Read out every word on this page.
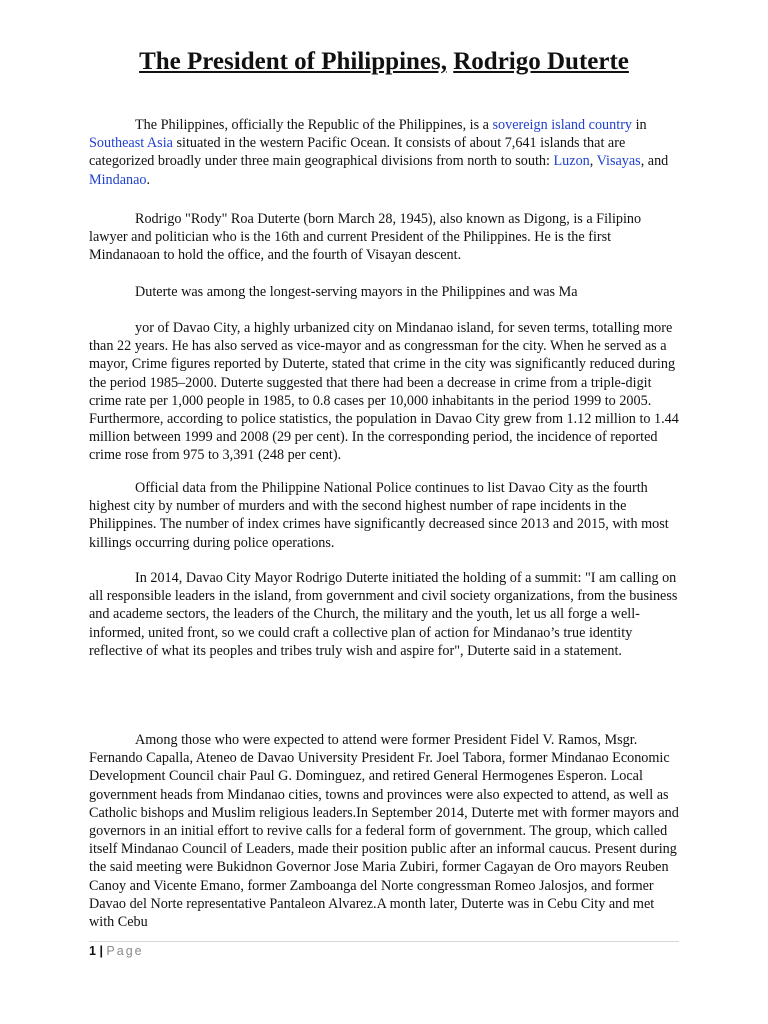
The President of Philippines, Rodrigo Duterte

The Philippines, officially the Republic of the Philippines, is a sovereign island country in Southeast Asia situated in the western Pacific Ocean. It consists of about 7,641 islands that are categorized broadly under three main geographical divisions from north to south: Luzon, Visayas, and Mindanao.

Rodrigo "Rody" Roa Duterte (born March 28, 1945), also known as Digong, is a Filipino lawyer and politician who is the 16th and current President of the Philippines. He is the first Mindanaoan to hold the office, and the fourth of Visayan descent.

Duterte was among the longest-serving mayors in the Philippines and was Ma

yor of Davao City, a highly urbanized city on Mindanao island, for seven terms, totalling more than 22 years. He has also served as vice-mayor and as congressman for the city. When he served as a mayor, Crime figures reported by Duterte, stated that crime in the city was significantly reduced during the period 1985–2000. Duterte suggested that there had been a decrease in crime from a triple-digit crime rate per 1,000 people in 1985, to 0.8 cases per 10,000 inhabitants in the period 1999 to 2005. Furthermore, according to police statistics, the population in Davao City grew from 1.12 million to 1.44 million between 1999 and 2008 (29 per cent). In the corresponding period, the incidence of reported crime rose from 975 to 3,391 (248 per cent).

Official data from the Philippine National Police continues to list Davao City as the fourth highest city by number of murders and with the second highest number of rape incidents in the Philippines. The number of index crimes have significantly decreased since 2013 and 2015, with most killings occurring during police operations.

In 2014, Davao City Mayor Rodrigo Duterte initiated the holding of a summit: "I am calling on all responsible leaders in the island, from government and civil society organizations, from the business and academe sectors, the leaders of the Church, the military and the youth, let us all forge a well-informed, united front, so we could craft a collective plan of action for Mindanao’s true identity reflective of what its peoples and tribes truly wish and aspire for", Duterte said in a statement.

Among those who were expected to attend were former President Fidel V. Ramos, Msgr. Fernando Capalla, Ateneo de Davao University President Fr. Joel Tabora, former Mindanao Economic Development Council chair Paul G. Dominguez, and retired General Hermogenes Esperon. Local government heads from Mindanao cities, towns and provinces were also expected to attend, as well as Catholic bishops and Muslim religious leaders.In September 2014, Duterte met with former mayors and governors in an initial effort to revive calls for a federal form of government. The group, which called itself Mindanao Council of Leaders, made their position public after an informal caucus. Present during the said meeting were Bukidnon Governor Jose Maria Zubiri, former Cagayan de Oro mayors Reuben Canoy and Vicente Emano, former Zamboanga del Norte congressman Romeo Jalosjos, and former Davao del Norte representative Pantaleon Alvarez.A month later, Duterte was in Cebu City and met with Cebu

1 | Page
